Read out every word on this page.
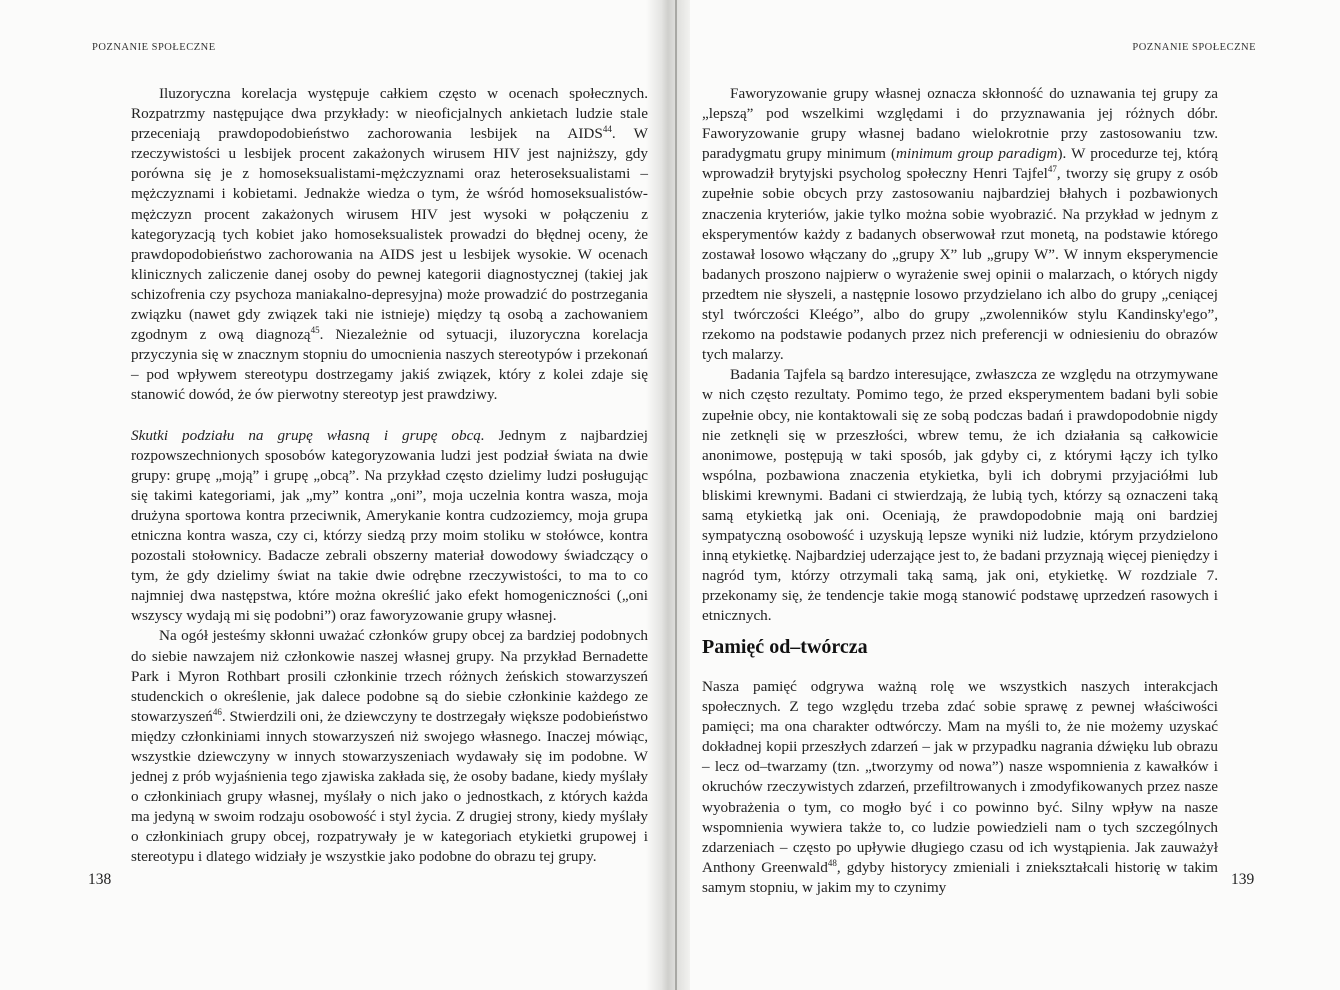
POZNANIE SPOŁECZNE

Iluzoryczna korelacja występuje całkiem często w ocenach społecznych. Rozpatrzmy następujące dwa przykłady: w nieoficjalnych ankietach ludzie stale przeceniają prawdopodobieństwo zachorowania lesbijek na AIDS$^{44}$. W rzeczywistości u lesbijek procent zakażonych wirusem HIV jest najniższy, gdy porówna się je z homoseksualistami-mężczyznami oraz heteroseksualistami – mężczyznami i kobietami. Jednakże wiedza o tym, że wśród homoseksualistów-mężczyzn procent zakażonych wirusem HIV jest wysoki w połączeniu z kategoryzacją tych kobiet jako homoseksualistek prowadzi do błędnej oceny, że prawdopodobieństwo zachorowania na AIDS jest u lesbijek wysokie. W ocenach klinicznych zaliczenie danej osoby do pewnej kategorii diagnostycznej (takiej jak schizofrenia czy psychoza maniakalno-depresyjna) może prowadzić do postrzegania związku (nawet gdy związek taki nie istnieje) między tą osobą a zachowaniem zgodnym z ową diagnozą$^{45}$. Niezależnie od sytuacji, iluzoryczna korelacja przyczynia się w znacznym stopniu do umocnienia naszych stereotypów i przekonań – pod wpływem stereotypu dostrzegamy jakiś związek, który z kolei zdaje się stanowić dowód, że ów pierwotny stereotyp jest prawdziwy.

Skutki podziału na grupę własną i grupę obcą. Jednym z najbardziej rozpowszechnionych sposobów kategoryzowania ludzi jest podział świata na dwie grupy: grupę „moją” i grupę „obcą”. Na przykład często dzielimy ludzi posługując się takimi kategoriami, jak „my” kontra „oni”, moja uczelnia kontra wasza, moja drużyna sportowa kontra przeciwnik, Amerykanie kontra cudzoziemcy, moja grupa etniczna kontra wasza, czy ci, którzy siedzą przy moim stoliku w stołówce, kontra pozostali stołownicy. Badacze zebrali obszerny materiał dowodowy świadczący o tym, że gdy dzielimy świat na takie dwie odrębne rzeczywistości, to ma to co najmniej dwa następstwa, które można określić jako efekt homogeniczności („oni wszyscy wydają mi się podobni”) oraz faworyzowanie grupy własnej.

Na ogół jesteśmy skłonni uważać członków grupy obcej za bardziej podobnych do siebie nawzajem niż członkowie naszej własnej grupy. Na przykład Bernadette Park i Myron Rothbart prosili członkinie trzech różnych żeńskich stowarzyszeń studenckich o określenie, jak dalece podobne są do siebie członkinie każdego ze stowarzyszeń$^{46}$. Stwierdzili oni, że dziewczyny te dostrzegały większe podobieństwo między członkiniami innych stowarzyszeń niż swojego własnego. Inaczej mówiąc, wszystkie dziewczyny w innych stowarzyszeniach wydawały się im podobne. W jednej z prób wyjaśnienia tego zjawiska zakłada się, że osoby badane, kiedy myślały o członkiniach grupy własnej, myślały o nich jako o jednostkach, z których każda ma jedyną w swoim rodzaju osobowość i styl życia. Z drugiej strony, kiedy myślały o członkiniach grupy obcej, rozpatrywały je w kategoriach etykietki grupowej i stereotypu i dlatego widziały je wszystkie jako podobne do obrazu tej grupy.

138
POZNANIE SPOŁECZNE

Faworyzowanie grupy własnej oznacza skłonność do uznawania tej grupy za „lepszą” pod wszelkimi względami i do przyznawania jej różnych dóbr. Faworyzowanie grupy własnej badano wielokrotnie przy zastosowaniu tzw. paradygmatu grupy minimum (minimum group paradigm). W procedurze tej, którą wprowadził brytyjski psycholog społeczny Henri Tajfel$^{47}$, tworzy się grupy z osób zupełnie sobie obcych przy zastosowaniu najbardziej błahych i pozbawionych znaczenia kryteriów, jakie tylko można sobie wyobrazić. Na przykład w jednym z eksperymentów każdy z badanych obserwował rzut monetą, na podstawie którego zostawał losowo włączany do „grupy X” lub „grupy W”. W innym eksperymencie badanych proszono najpierw o wyrażenie swej opinii o malarzach, o których nigdy przedtem nie słyszeli, a następnie losowo przydzielano ich albo do grupy „ceniącej styl twórczości Kleégo”, albo do grupy „zwolenników stylu Kandinsky'ego”, rzekomo na podstawie podanych przez nich preferencji w odniesieniu do obrazów tych malarzy.

Badania Tajfela są bardzo interesujące, zwłaszcza ze względu na otrzymywane w nich często rezultaty. Pomimo tego, że przed eksperymentem badani byli sobie zupełnie obcy, nie kontaktowali się ze sobą podczas badań i prawdopodobnie nigdy nie zetknęli się w przeszłości, wbrew temu, że ich działania są całkowicie anonimowe, postępują w taki sposób, jak gdyby ci, z którymi łączy ich tylko wspólna, pozbawiona znaczenia etykietka, byli ich dobrymi przyjaciółmi lub bliskimi krewnymi. Badani ci stwierdzają, że lubią tych, którzy są oznaczeni taką samą etykietką jak oni. Oceniają, że prawdopodobnie mają oni bardziej sympatyczną osobowość i uzyskują lepsze wyniki niż ludzie, którym przydzielono inną etykietkę. Najbardziej uderzające jest to, że badani przyznają więcej pieniędzy i nagród tym, którzy otrzymali taką samą, jak oni, etykietkę. W rozdziale 7. przekonamy się, że tendencje takie mogą stanowić podstawę uprzedzeń rasowych i etnicznych.

Pamięć od–twórcza

Nasza pamięć odgrywa ważną rolę we wszystkich naszych interakcjach społecznych. Z tego względu trzeba zdać sobie sprawę z pewnej właściwości pamięci; ma ona charakter odtwórczy. Mam na myśli to, że nie możemy uzyskać dokładnej kopii przeszłych zdarzeń – jak w przypadku nagrania dźwięku lub obrazu – lecz od–twarzamy (tzn. „tworzymy od nowa”) nasze wspomnienia z kawałków i okruchów rzeczywistych zdarzeń, przefiltrowanych i zmodyfikowanych przez nasze wyobrażenia o tym, co mogło być i co powinno być. Silny wpływ na nasze wspomnienia wywiera także to, co ludzie powiedzieli nam o tych szczególnych zdarzeniach – często po upływie długiego czasu od ich wystąpienia. Jak zauważył Anthony Greenwald$^{48}$, gdyby historycy zmieniali i zniekształcali historię w takim samym stopniu, w jakim my to czynimy	139
